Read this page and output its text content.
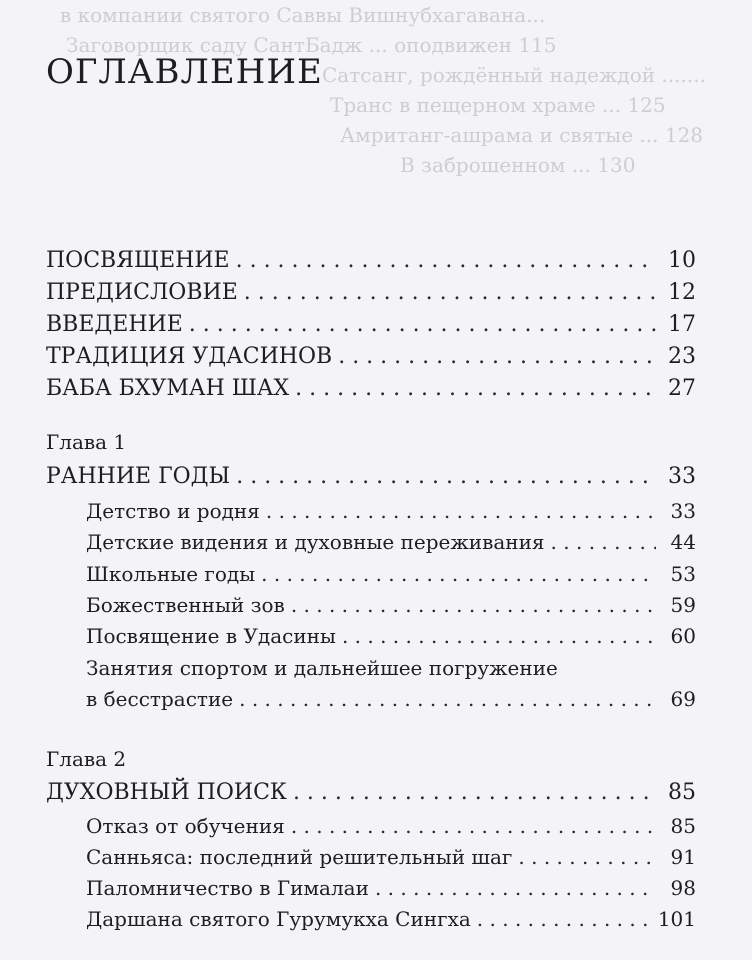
в компании святого Саввы Вишнубхагавана...
Заговорщик саду СантБадж ... оподвижен 115
Сатсанг, рождённый надеждой .......
Транс в пещерном храме ... 125
Амританг-ашрама и святые ... 128
В заброшенном ... 130
ОГЛАВЛЕНИЕ
ПОСВЯЩЕНИЕ . . .	10
ПРЕДИСЛОВИЕ . . .	12
ВВЕДЕНИЕ . . .	17
ТРАДИЦИЯ УДАСИНОВ . . .	23
БАБА БХУМАН ШАХ . . .	27
Глава 1
РАННИЕ ГОДЫ . . .	33
Детство и родня . . .	33
Детские видения и духовные переживания . . .	44
Школьные годы . . .	53
Божественный зов . . .	59
Посвящение в Удасины . . .	60
Занятия спортом и дальнейшее погружение
в бесстрастие . . .	69
Глава 2
ДУХОВНЫЙ ПОИСК . . .	85
Отказ от обучения . . .	85
Санньяса: последний решительный шаг . . .	91
Паломничество в Гималаи . . .	98
Даршана святого Гурумукха Сингха . . .	101
